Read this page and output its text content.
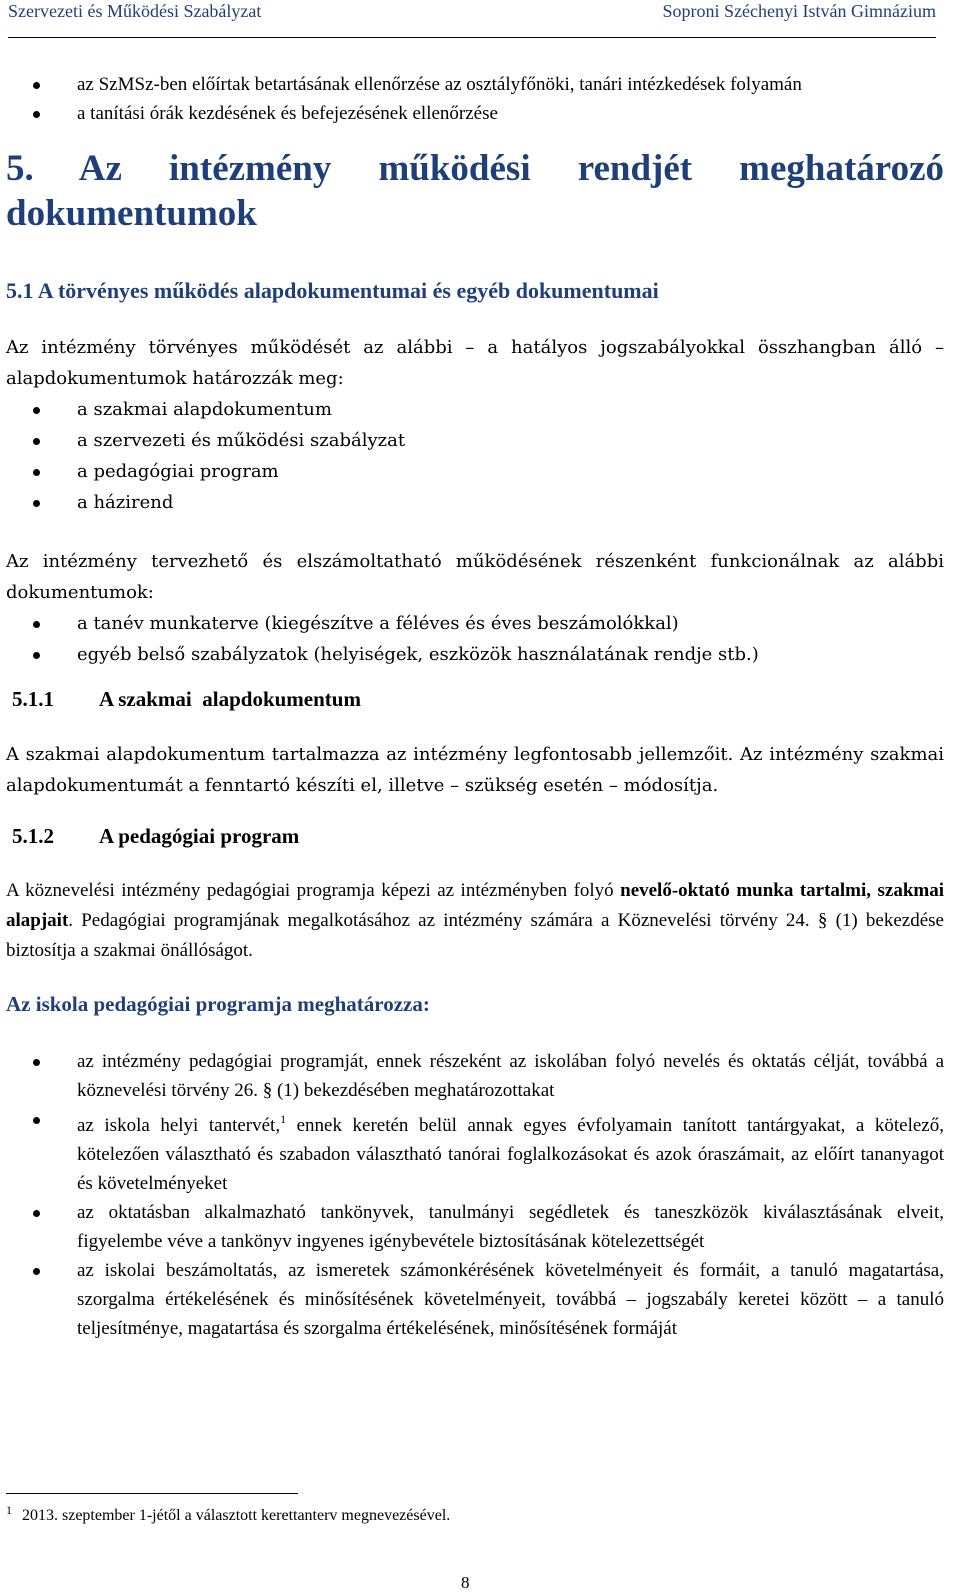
Szervezeti és Működési Szabályzat	Soproni Széchenyi István Gimnázium
az SzMSz-ben előírtak betartásának ellenőrzése az osztályfőnöki, tanári intézkedések folyamán
a tanítási órák kezdésének és befejezésének ellenőrzése
5. Az intézmény működési rendjét meghatározó
dokumentumok

5.1 A törvényes működés alapdokumentumai és egyéb dokumentumai

Az intézmény törvényes működését az alábbi – a hatályos jogszabályokkal összhangban álló – alapdokumentumok határozzák meg:

a szakmai alapdokumentum
a szervezeti és működési szabályzat
a pedagógiai program
a házirend

Az intézmény tervezhető és elszámoltatható működésének részenként funkcionálnak az alábbi dokumentumok:

a tanév munkaterve (kiegészítve a féléves és éves beszámolókkal)
egyéb belső szabályzatok (helyiségek, eszközök használatának rendje stb.)

5.1.1 A szakmai  alapdokumentum

A szakmai alapdokumentum tartalmazza az intézmény legfontosabb jellemzőit. Az intézmény szakmai alapdokumentumát a fenntartó készíti el, illetve – szükség esetén – módosítja.

5.1.2 A pedagógiai program

A köznevelési intézmény pedagógiai programja képezi az intézményben folyó nevelő-oktató munka tartalmi, szakmai alapjait. Pedagógiai programjának megalkotásához az intézmény számára a Köznevelési törvény 24. § (1) bekezdése biztosítja a szakmai önállóságot.

Az iskola pedagógiai programja meghatározza:

az intézmény pedagógiai programját, ennek részeként az iskolában folyó nevelés és oktatás célját, továbbá a köznevelési törvény 26. § (1) bekezdésében meghatározottakat
az iskola helyi tantervét,$^1$ ennek keretén belül annak egyes évfolyamain tanított tantárgyakat, a kötelező, kötelezően választható és szabadon választható tanórai foglalkozásokat és azok óraszámait, az előírt tananyagot és követelményeket
az oktatásban alkalmazható tankönyvek, tanulmányi segédletek és taneszközök kiválasztásának elveit, figyelembe véve a tankönyv ingyenes igénybevétele biztosításának kötelezettségét
az iskolai beszámoltatás, az ismeretek számonkérésének követelményeit és formáit, a tanuló magatartása, szorgalma értékelésének és minősítésének követelményeit, továbbá – jogszabály keretei között – a tanuló teljesítménye, magatartása és szorgalma értékelésének, minősítésének formáját
$^1$ 2013. szeptember 1-jétől a választott kerettanterv megnevezésével.
8
